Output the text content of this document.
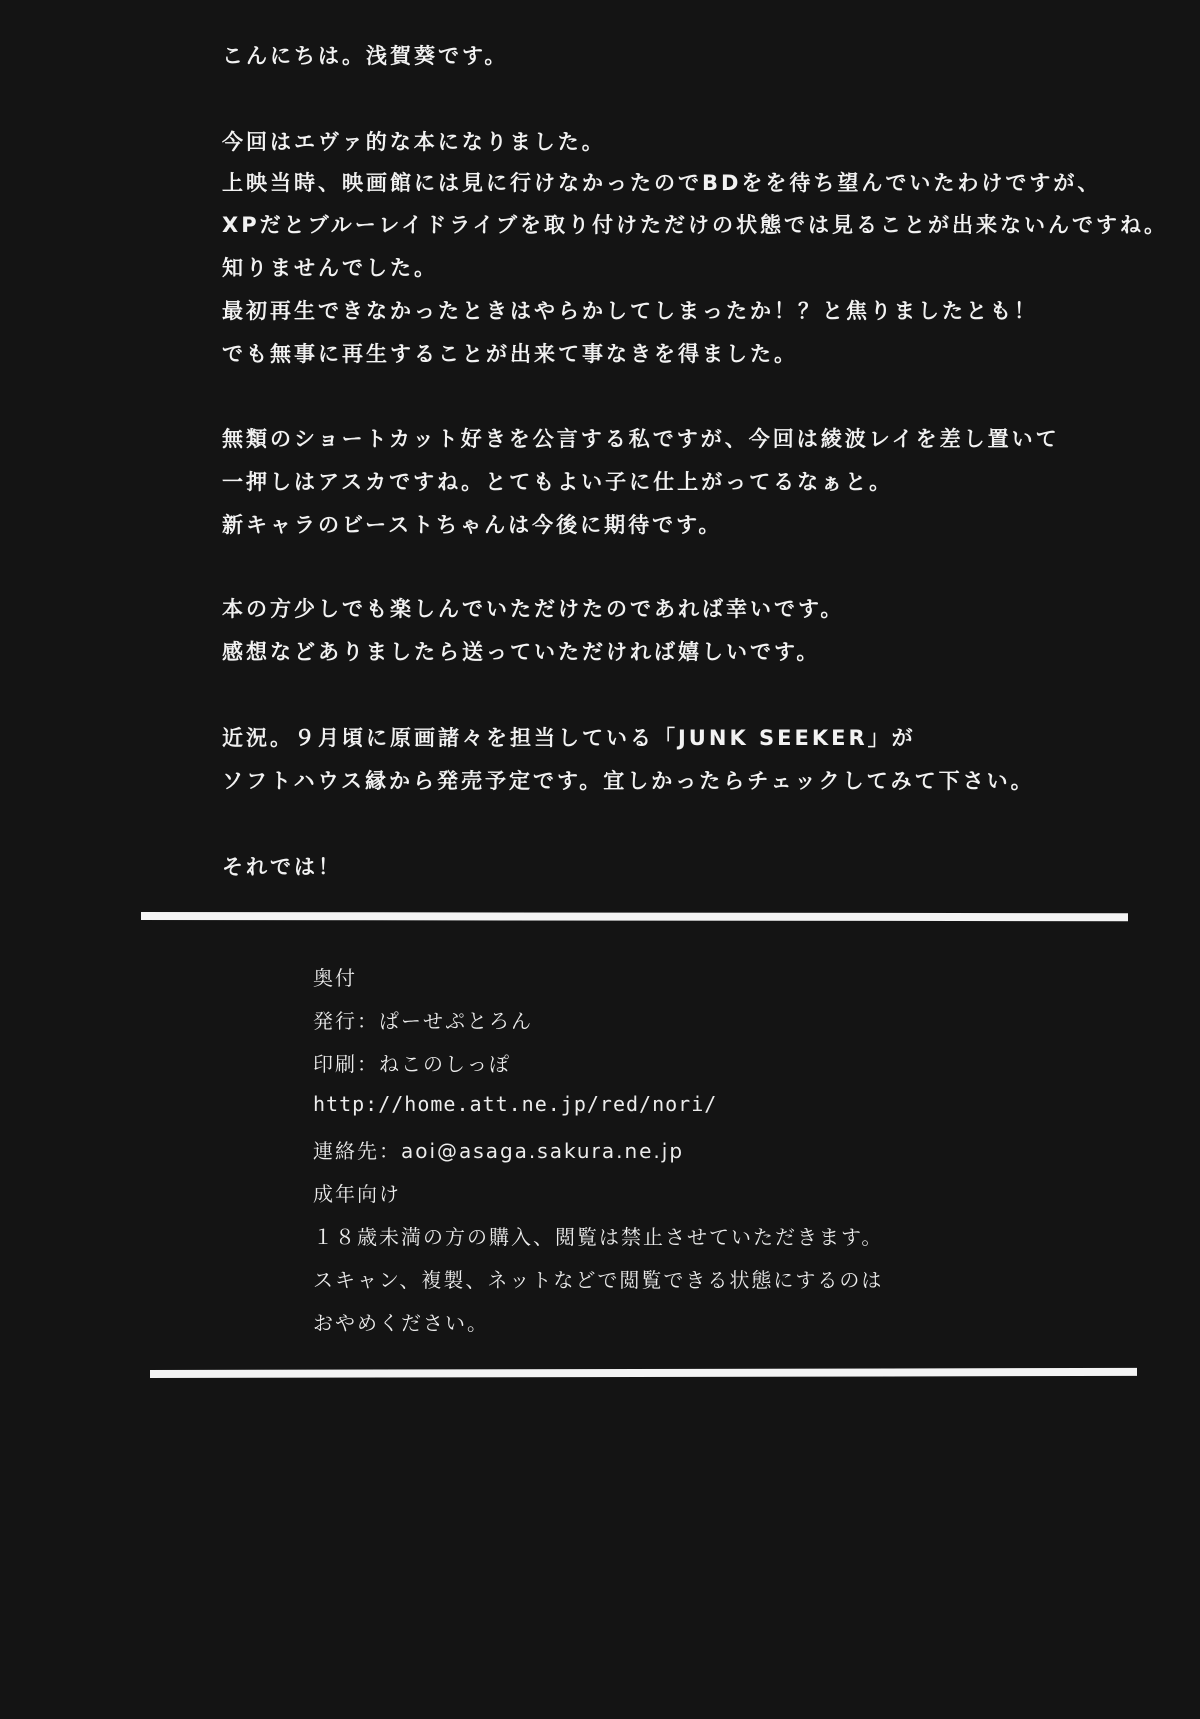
こんにちは。浅賀葵です。
今回はエヴァ的な本になりました。
上映当時、映画館には見に行けなかったのでBDをを待ち望んでいたわけですが、
XPだとブルーレイドライブを取り付けただけの状態では見ることが出来ないんですね。
知りませんでした。
最初再生できなかったときはやらかしてしまったか！？と焦りましたとも！
でも無事に再生することが出来て事なきを得ました。
無類のショートカット好きを公言する私ですが、今回は綾波レイを差し置いて
一押しはアスカですね。とてもよい子に仕上がってるなぁと。
新キャラのビーストちゃんは今後に期待です。
本の方少しでも楽しんでいただけたのであれば幸いです。
感想などありましたら送っていただければ嬉しいです。
近況。９月頃に原画諸々を担当している「JUNK SEEKER」が
ソフトハウス縁から発売予定です。宜しかったらチェックしてみて下さい。
それでは！
奥付
発行：ぱーせぷとろん
印刷：ねこのしっぽ
http://home.att.ne.jp/red/nori/
連絡先：aoi@asaga.sakura.ne.jp
成年向け
１８歳未満の方の購入、閲覧は禁止させていただきます。
スキャン、複製、ネットなどで閲覧できる状態にするのは
おやめください。
